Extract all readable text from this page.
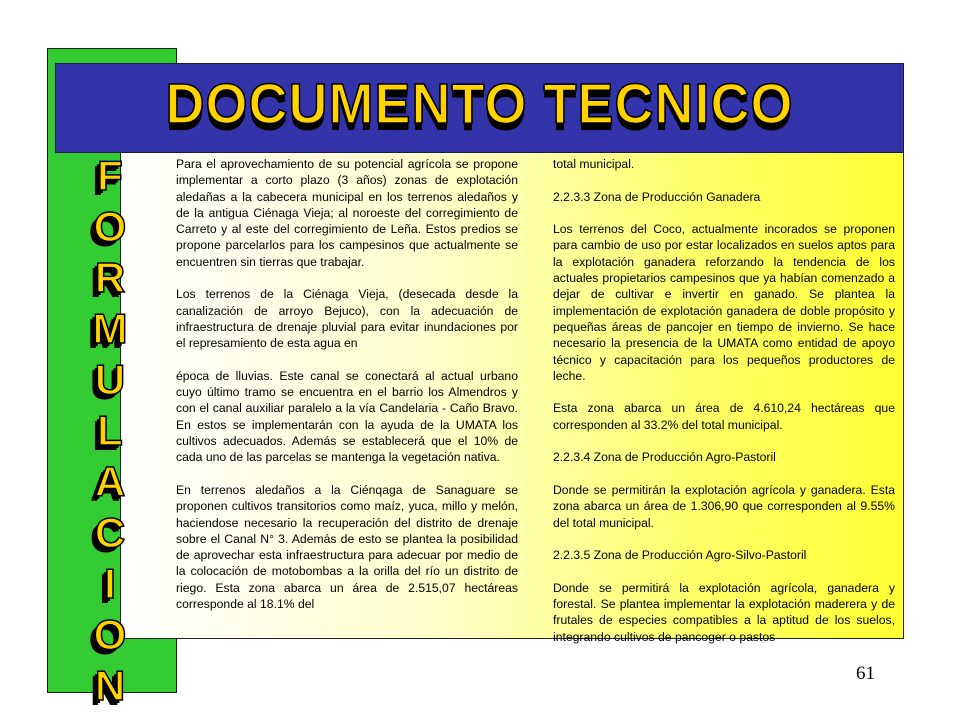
DOCUMENTO TECNICO
F
O
R
M
U
L
A
C
I
O
N

Para el aprovechamiento de su potencial agrícola se propone implementar a corto plazo (3 años) zonas de explotación aledañas a la cabecera municipal en los terrenos aledaños y de la antigua Ciénaga Vieja; al noroeste del corregimiento de Carreto y al este del corregimiento de Leña. Estos predios se propone parcelarlos para los campesinos que actualmente se encuentren sin tierras que trabajar.

Los terrenos de la Ciénaga Vieja, (desecada desde la canalización de arroyo Bejuco), con la adecuación de infraestructura de drenaje pluvial para evitar inundaciones por el represamiento de esta agua en

época de lluvias. Este canal se conectará al actual urbano cuyo último tramo se encuentra en el barrio los Almendros y con el canal auxiliar paralelo a la vía Candelaria - Caño Bravo. En estos se implementarán con la ayuda de la UMATA los cultivos adecuados. Además se establecerá que el 10% de cada uno de las parcelas se mantenga la vegetación nativa.

En terrenos aledaños a la Ciénqaga de Sanaguare se proponen cultivos transitorios como maíz, yuca, millo y melón, haciendose necesario la recuperación del distrito de drenaje sobre el Canal N° 3. Además de esto se plantea la posibilidad de aprovechar esta infraestructura para adecuar por medio de la colocación de motobombas a la orilla del río un distrito de riego. Esta zona abarca un área de 2.515,07 hectáreas corresponde al 18.1% del

total municipal.

2.2.3.3 Zona de Producción Ganadera

Los terrenos del Coco, actualmente incorados se proponen para cambio de uso por estar localizados en suelos aptos para la explotación ganadera reforzando la tendencia de los actuales propietarios campesinos que ya habían comenzado a dejar de cultivar e invertir en ganado. Se plantea la implementación de explotación ganadera de doble propósito y pequeñas áreas de pancojer en tiempo de invierno. Se hace necesario la presencia de la UMATA como entidad de apoyo técnico y capacitación para los pequeños productores de leche.

Esta zona abarca un área de 4.610,24 hectáreas que corresponden al 33.2% del total municipal.

2.2.3.4 Zona de Producción Agro-Pastoril

Donde se permitirán la explotación agrícola y ganadera. Esta zona abarca un área de 1.306,90 que corresponden al 9.55% del total municipal.

2.2.3.5 Zona de Producción Agro-Silvo-Pastoril

Donde se permitirá la explotación agrícola, ganadera y forestal. Se plantea implementar la explotación maderera y de frutales de especies compatibles a la aptitud de los suelos, integrando cultivos de pancoger o pastos

61
